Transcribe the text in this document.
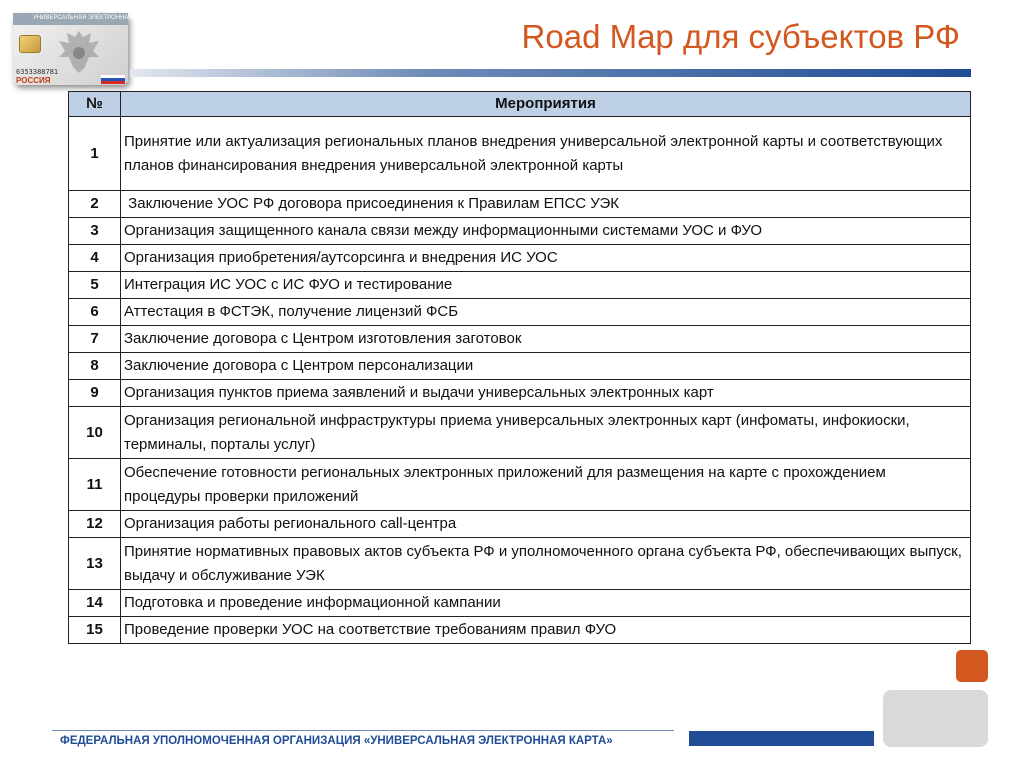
УНИВЕРСАЛЬНАЯ ЭЛЕКТРОННАЯ КАРТА
6353388781
РОССИЯ
Road Map для субъектов РФ
№	Мероприятия
1	Принятие или актуализация региональных планов внедрения универсальной электронной карты и соответствующих планов финансирования внедрения универсальной электронной карты
2	Заключение УОС РФ договора присоединения к Правилам ЕПСС УЭК
3	Организация защищенного канала связи между информационными системами УОС и ФУО
4	Организация приобретения/аутсорсинга и внедрения ИС УОС
5	Интеграция ИС УОС с ИС ФУО и тестирование
6	Аттестация в ФСТЭК, получение лицензий ФСБ
7	Заключение договора с Центром изготовления заготовок
8	Заключение договора с Центром персонализации
9	Организация пунктов приема заявлений и выдачи универсальных электронных карт
10	Организация региональной инфраструктуры приема универсальных электронных карт (инфоматы, инфокиоски, терминалы, порталы услуг)
11	Обеспечение готовности региональных электронных приложений для размещения на карте с прохождением процедуры проверки приложений
12	Организация работы регионального call-центра
13	Принятие нормативных правовых актов субъекта РФ и уполномоченного органа субъекта РФ, обеспечивающих выпуск, выдачу и обслуживание УЭК
14	Подготовка и проведение информационной кампании
15	Проведение проверки УОС на соответствие требованиям правил ФУО
ФЕДЕРАЛЬНАЯ УПОЛНОМОЧЕННАЯ ОРГАНИЗАЦИЯ «УНИВЕРСАЛЬНАЯ ЭЛЕКТРОННАЯ КАРТА»
